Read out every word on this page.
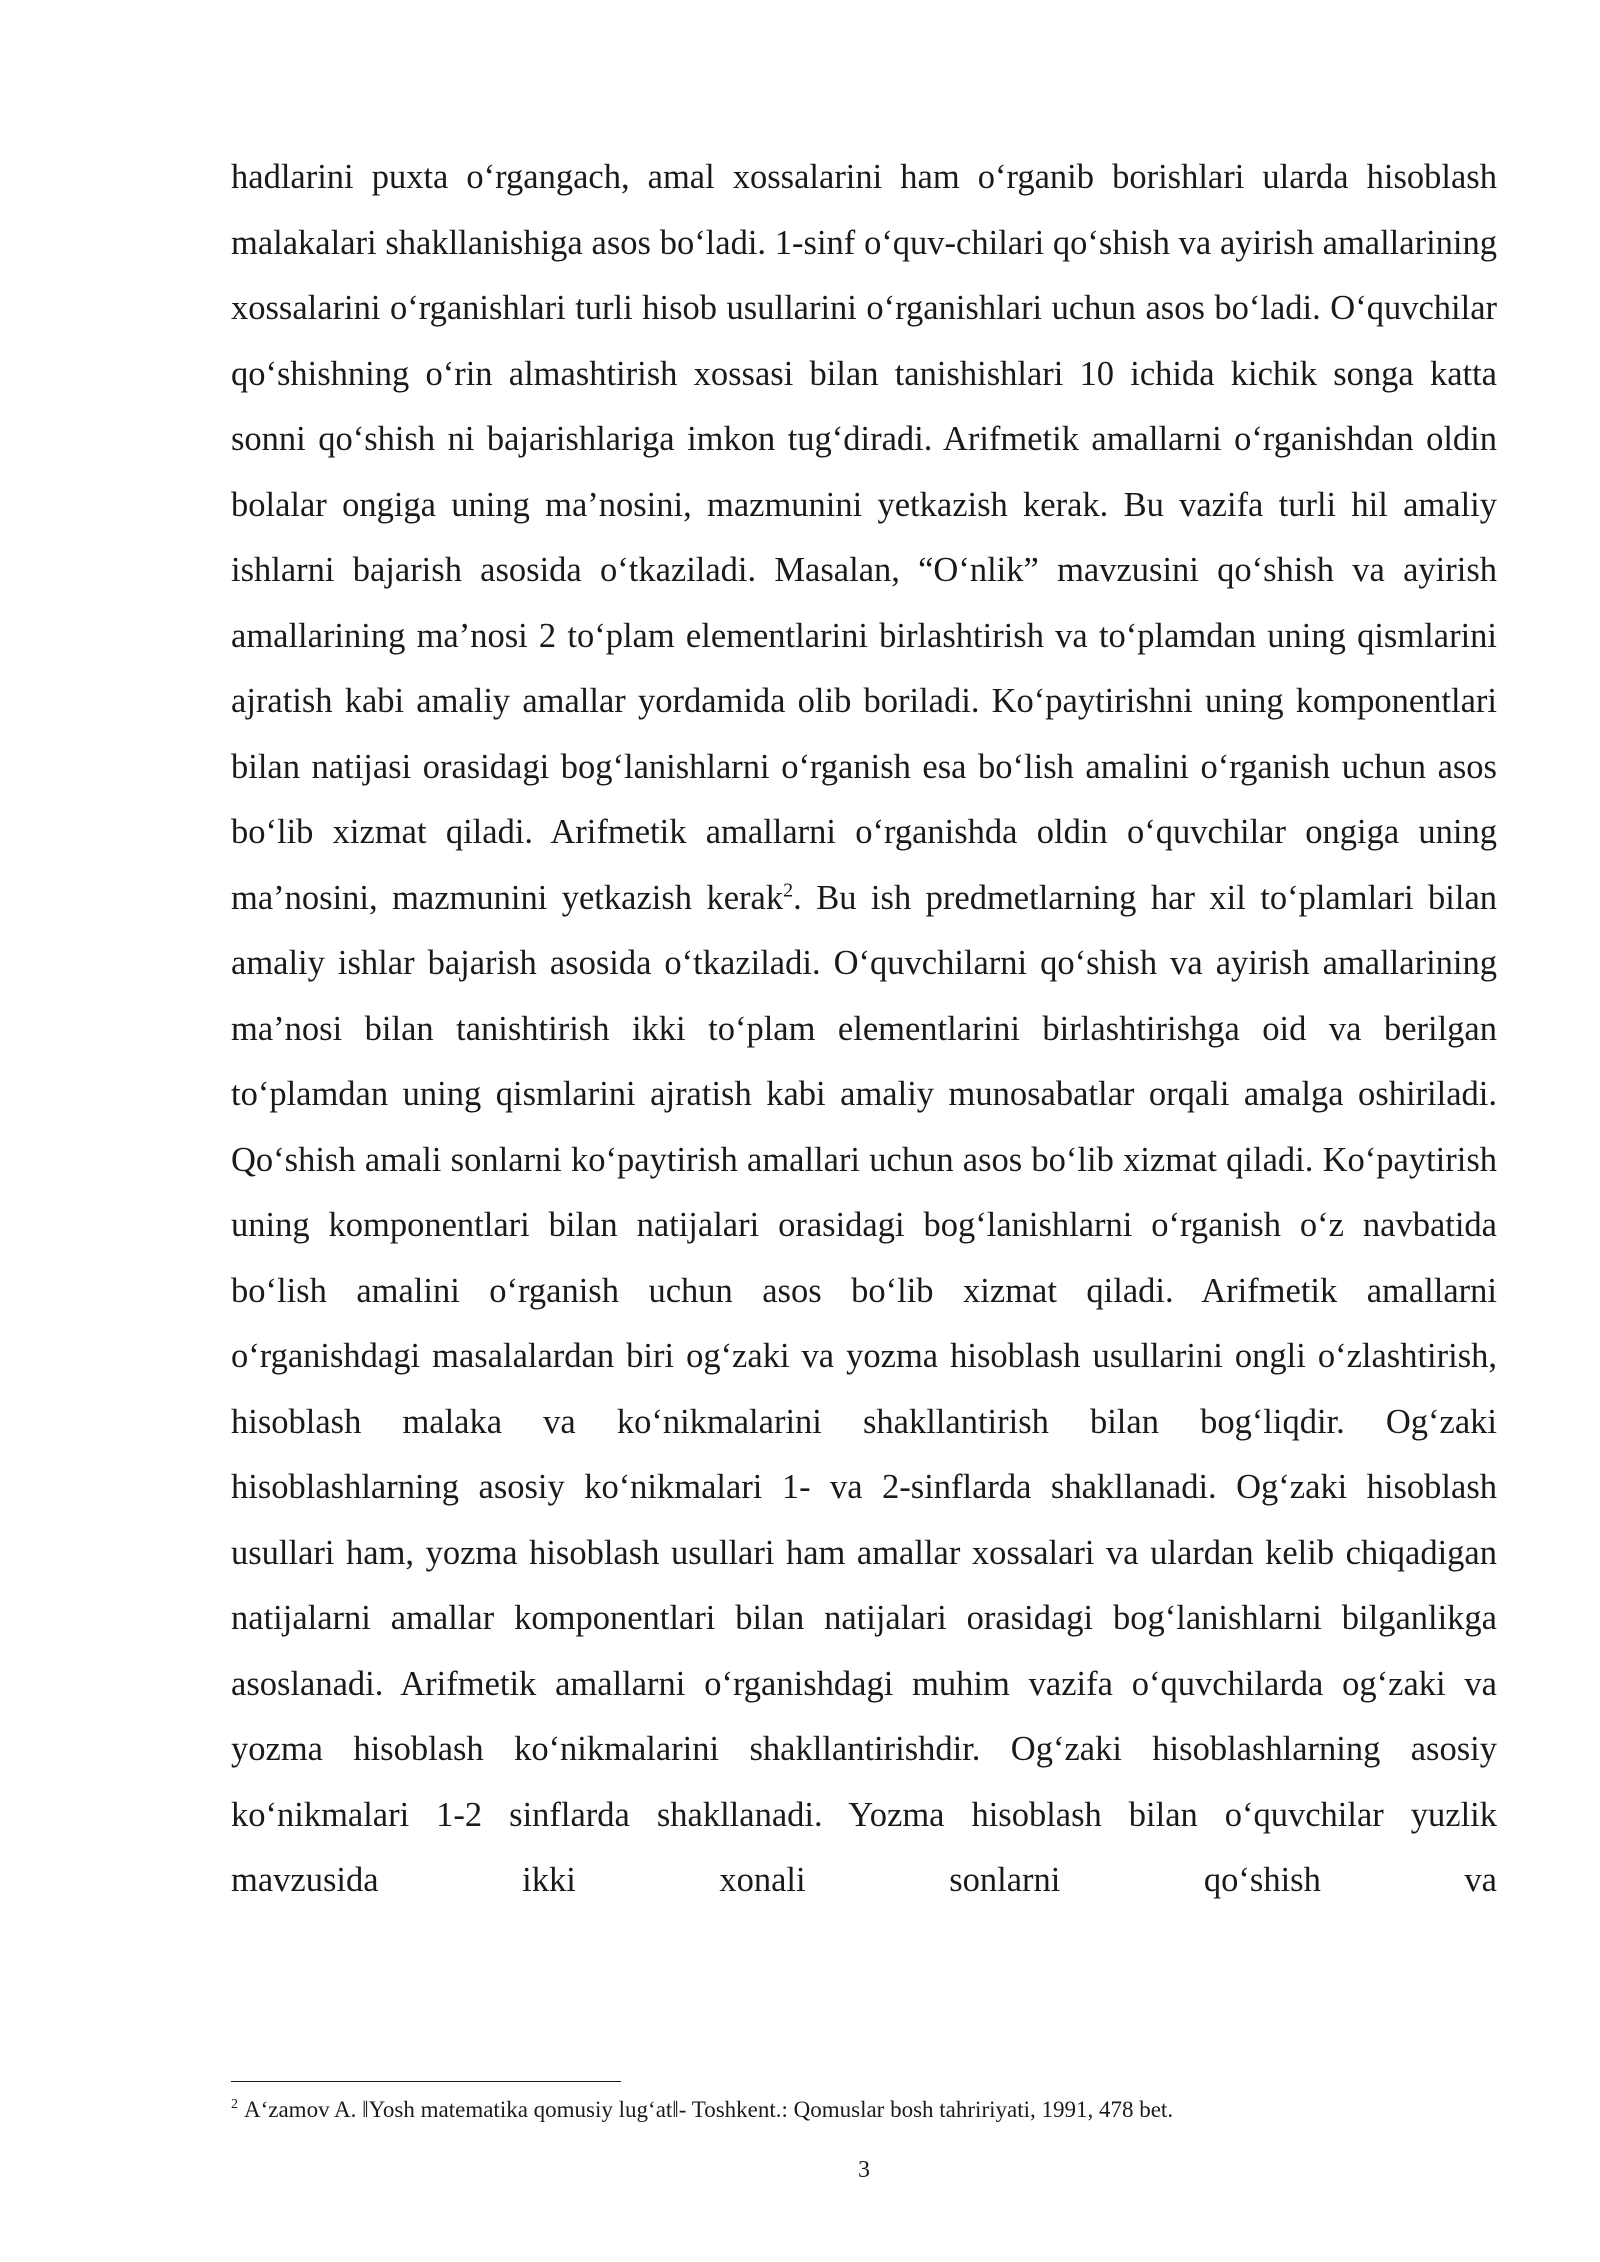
hadlarini puxta o‘rgangach, amal xossalarini ham o‘rganib borishlari ularda hisoblash malakalari shakllanishiga asos bo‘ladi. 1-sinf o‘quv-chilari qo‘shish va ayirish amallarining xossalarini o‘rganishlari turli hisob usullarini o‘rganishlari uchun asos bo‘ladi. O‘quvchilar qo‘shishning o‘rin almashtirish xossasi bilan tanishishlari 10 ichida kichik songa katta sonni qo‘shish ni bajarishlariga imkon tug‘diradi. Arifmetik amallarni o‘rganishdan oldin bolalar ongiga uning ma’nosini, mazmunini yetkazish kerak. Bu vazifa turli hil amaliy ishlarni bajarish asosida o‘tkaziladi. Masalan, “O‘nlik” mavzusini qo‘shish va ayirish amallarining ma’nosi 2 to‘plam elementlarini birlashtirish va to‘plamdan uning qismlarini ajratish kabi amaliy amallar yordamida olib boriladi. Ko‘paytirishni uning komponentlari bilan natijasi orasidagi bog‘lanishlarni o‘rganish esa bo‘lish amalini o‘rganish uchun asos bo‘lib xizmat qiladi. Arifmetik amallarni o‘rganishda oldin o‘quvchilar ongiga uning ma’nosini, mazmunini yetkazish kerak$^2$. Bu ish predmetlarning har xil to‘plamlari bilan amaliy ishlar bajarish asosida o‘tkaziladi. O‘quvchilarni qo‘shish va ayirish amallarining ma’nosi bilan tanishtirish ikki to‘plam elementlarini birlashtirishga oid va berilgan to‘plamdan uning qismlarini ajratish kabi amaliy munosabatlar orqali amalga oshiriladi. Qo‘shish amali sonlarni ko‘paytirish amallari uchun asos bo‘lib xizmat qiladi. Ko‘paytirish uning komponentlari bilan natijalari orasidagi bog‘lanishlarni o‘rganish o‘z navbatida bo‘lish amalini o‘rganish uchun asos bo‘lib xizmat qiladi. Arifmetik amallarni o‘rganishdagi masalalardan biri og‘zaki va yozma hisoblash usullarini ongli o‘zlashtirish, hisoblash malaka va ko‘nikmalarini shakllantirish bilan bog‘liqdir. Og‘zaki hisoblashlarning asosiy ko‘nikmalari 1- va 2-sinflarda shakllanadi. Og‘zaki hisoblash usullari ham, yozma hisoblash usullari ham amallar xossalari va ulardan kelib chiqadigan natijalarni amallar komponentlari bilan natijalari orasidagi bog‘lanishlarni bilganlikga asoslanadi. Arifmetik amallarni o‘rganishdagi muhim vazifa o‘quvchilarda og‘zaki va yozma hisoblash ko‘nikmalarini shakllantirishdir. Og‘zaki hisoblashlarning asosiy ko‘nikmalari 1-2 sinflarda shakllanadi. Yozma hisoblash bilan o‘quvchilar yuzlik mavzusida ikki xonali sonlarni qo‘shish va

$^2$ A‘zamov A. ‖Yosh matematika qomusiy lug‘at‖- Toshkent.: Qomuslar bosh tahririyati, 1991, 478 bet.

3
